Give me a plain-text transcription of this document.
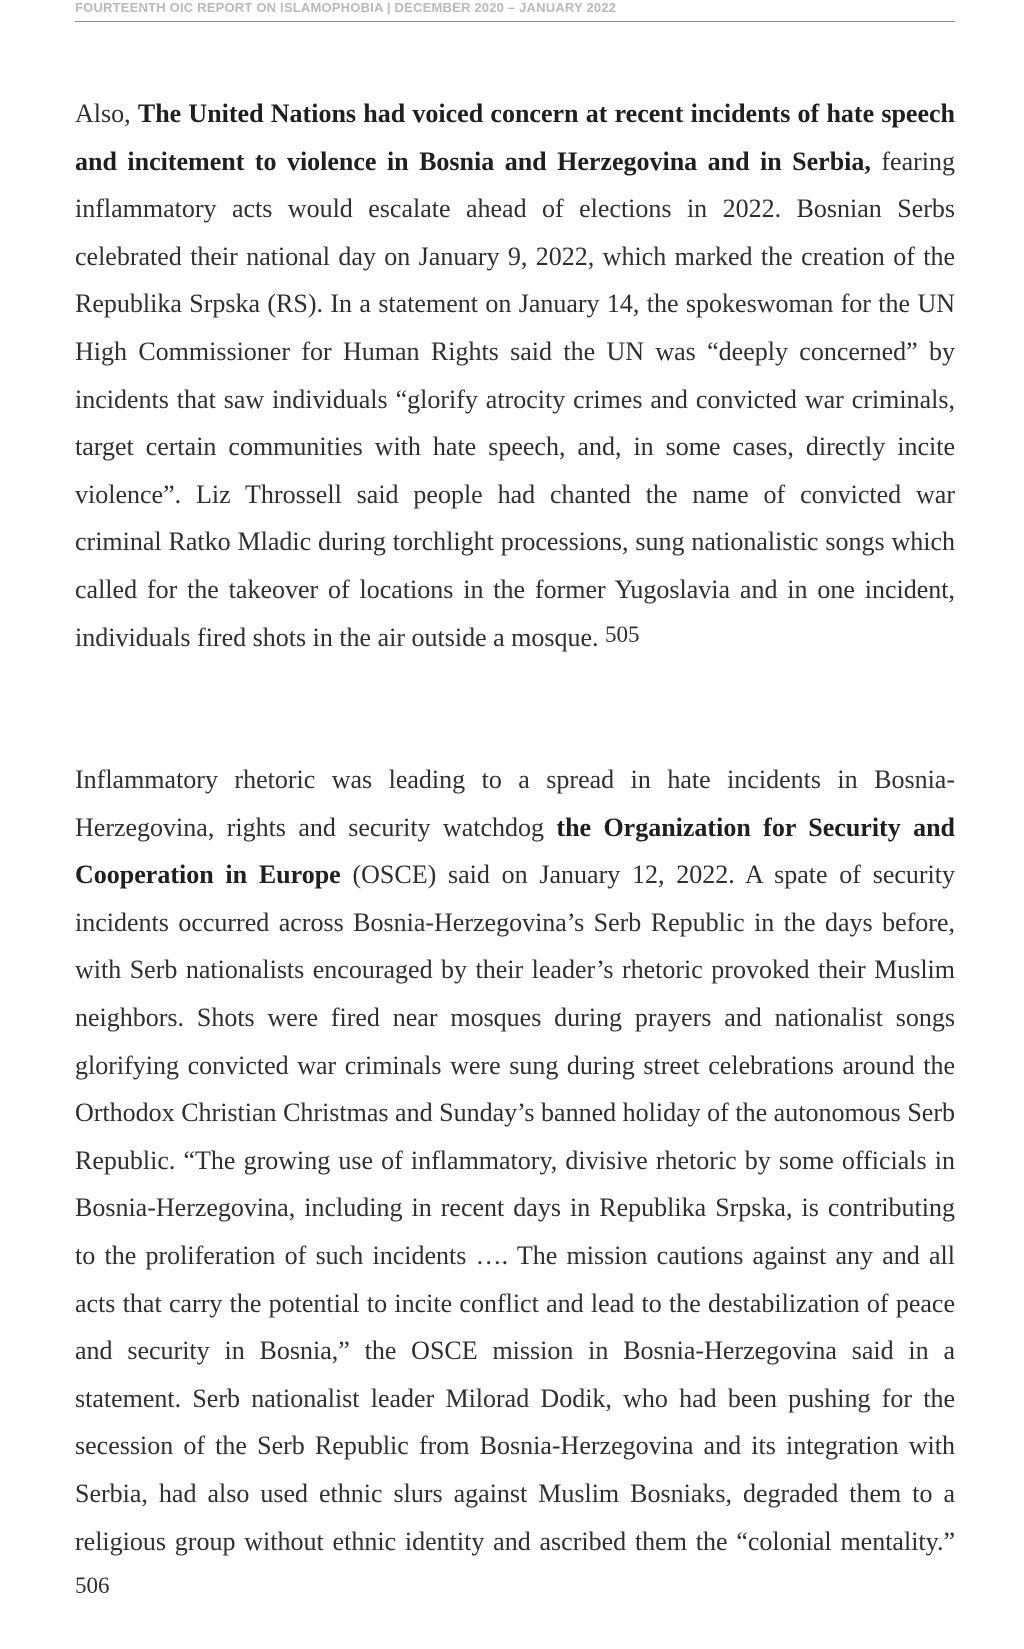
FOURTEENTH OIC REPORT ON ISLAMOPHOBIA | DECEMBER 2020 – JANUARY 2022

Also, The United Nations had voiced concern at recent incidents of hate speech and incitement to violence in Bosnia and Herzegovina and in Serbia, fearing inflammatory acts would escalate ahead of elections in 2022. Bosnian Serbs celebrated their national day on January 9, 2022, which marked the creation of the Republika Srpska (RS). In a statement on January 14, the spokeswoman for the UN High Commissioner for Human Rights said the UN was “deeply concerned” by incidents that saw individuals “glorify atrocity crimes and convicted war criminals, target certain communities with hate speech, and, in some cases, directly incite violence”. Liz Throssell said people had chanted the name of convicted war criminal Ratko Mladic during torchlight processions, sung nationalistic songs which called for the takeover of locations in the former Yugoslavia and in one incident, individuals fired shots in the air outside a mosque. 505

Inflammatory rhetoric was leading to a spread in hate incidents in Bosnia-Herzegovina, rights and security watchdog the Organization for Security and Cooperation in Europe (OSCE) said on January 12, 2022. A spate of security incidents occurred across Bosnia-Herzegovina’s Serb Republic in the days before, with Serb nationalists encouraged by their leader’s rhetoric provoked their Muslim neighbors. Shots were fired near mosques during prayers and nationalist songs glorifying convicted war criminals were sung during street celebrations around the Orthodox Christian Christmas and Sunday’s banned holiday of the autonomous Serb Republic. “The growing use of inflammatory, divisive rhetoric by some officials in Bosnia-Herzegovina, including in recent days in Republika Srpska, is contributing to the proliferation of such incidents …. The mission cautions against any and all acts that carry the potential to incite conflict and lead to the destabilization of peace and security in Bosnia,” the OSCE mission in Bosnia-Herzegovina said in a statement. Serb nationalist leader Milorad Dodik, who had been pushing for the secession of the Serb Republic from Bosnia-Herzegovina and its integration with Serbia, had also used ethnic slurs against Muslim Bosniaks, degraded them to a religious group without ethnic identity and ascribed them the “colonial mentality.” 506
